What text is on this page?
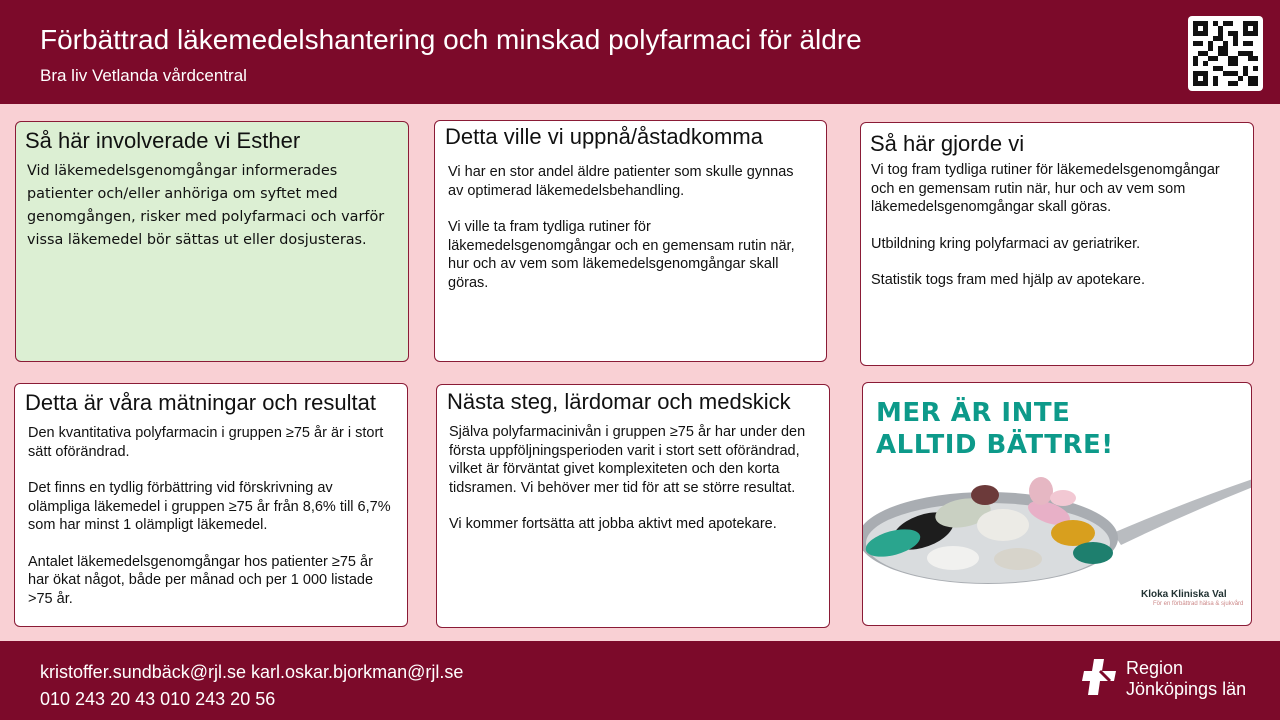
Förbättrad läkemedelshantering och minskad polyfarmaci för äldre
Bra liv Vetlanda vårdcentral
Så här involverade vi Esther

Vid läkemedelsgenomgångar informerades patienter och/eller anhöriga om syftet med genomgången, risker med polyfarmaci och varför vissa läkemedel bör sättas ut eller dosjusteras.

Detta ville vi uppnå/åstadkomma

Vi har en stor andel äldre patienter som skulle gynnas av optimerad läkemedelsbehandling.

Vi ville ta fram tydliga rutiner för läkemedelsgenomgångar och en gemensam rutin när, hur och av vem som läkemedelsgenomgångar skall göras.

Så här gjorde vi

Vi tog fram tydliga rutiner för läkemedelsgenomgångar och en gemensam rutin när, hur och av vem som läkemedelsgenomgångar skall göras.

Utbildning kring polyfarmaci av geriatriker.

Statistik togs fram med hjälp av apotekare.

Detta är våra mätningar och resultat

Den kvantitativa polyfarmacin i gruppen ≥75 år är i stort sätt oförändrad.

Det finns en tydlig förbättring vid förskrivning av olämpliga läkemedel i gruppen ≥75 år från 8,6% till 6,7% som har minst 1 olämpligt läkemedel.

Antalet läkemedelsgenomgångar hos patienter ≥75 år har ökat något, både per månad och per 1 000 listade >75 år.

Nästa steg, lärdomar och medskick

Själva polyfarmacinivån i gruppen ≥75 år har under den första uppföljningsperioden varit i stort sett oförändrad, vilket är förväntat givet komplexiteten och den korta tidsramen. Vi behöver mer tid för att se större resultat.

Vi kommer fortsätta att jobba aktivt med apotekare.

MER ÄR INTE
ALLTID BÄTTRE!
Kloka Kliniska Val
För en förbättrad hälsa & sjukvård
kristoffer.sundbäck@rjl.se karl.oskar.bjorkman@rjl.se
010 243 20 43 010 243 20 56
Region
Jönköpings län
